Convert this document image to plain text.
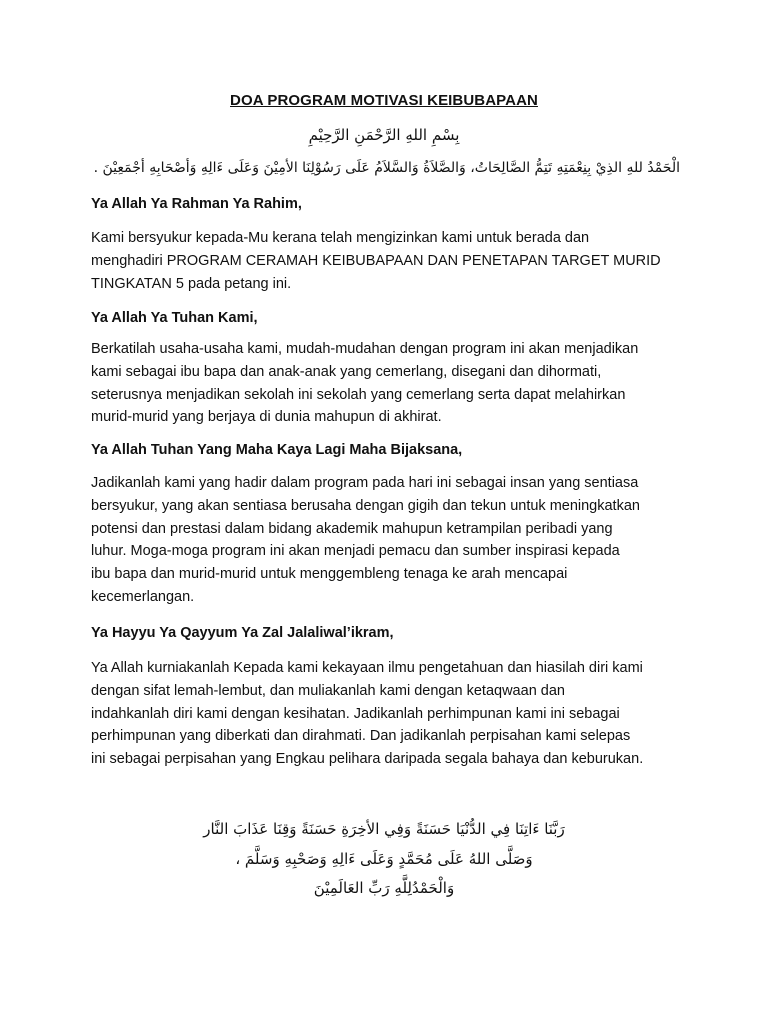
DOA PROGRAM MOTIVASI KEIBUBAPAAN
بِسْمِ اللهِ الرَّحْمَنِ الرَّحِيْمِ
الْحَمْدُ للهِ الذِيْ بِنِعْمَتِهِ تَتِمُّ الصَّالِحَاتُ، وَالصَّلاَةُ وَالسَّلاَمُ عَلَى رَسُوْلِنَا الأمِيْنَ وَعَلَى ءَالِهِ وَأصْحَابِهِ أجْمَعِيْنَ .
Ya Allah Ya Rahman Ya Rahim,
Kami bersyukur kepada-Mu kerana telah mengizinkan kami untuk berada dan
menghadiri PROGRAM CERAMAH KEIBUBAPAAN DAN PENETAPAN TARGET MURID
TINGKATAN 5 pada petang ini.
Ya Allah Ya Tuhan Kami,
Berkatilah usaha-usaha kami, mudah-mudahan dengan program ini akan menjadikan
kami sebagai ibu bapa dan anak-anak yang cemerlang, disegani dan dihormati,
seterusnya menjadikan sekolah ini sekolah yang cemerlang serta dapat melahirkan
murid-murid yang berjaya di dunia mahupun di akhirat.
Ya Allah Tuhan Yang Maha Kaya Lagi Maha Bijaksana,
Jadikanlah kami yang hadir dalam program pada hari ini sebagai insan yang sentiasa
bersyukur, yang akan sentiasa berusaha dengan gigih dan tekun untuk meningkatkan
potensi dan prestasi dalam bidang akademik mahupun ketrampilan peribadi yang
luhur. Moga-moga program ini akan menjadi pemacu dan sumber inspirasi kepada
ibu bapa dan murid-murid untuk menggembleng tenaga ke arah mencapai
kecemerlangan.
Ya Hayyu Ya Qayyum Ya Zal Jalaliwal’ikram,
Ya Allah kurniakanlah Kepada kami kekayaan ilmu pengetahuan dan hiasilah diri kami
dengan sifat lemah-lembut, dan muliakanlah kami dengan ketaqwaan dan
indahkanlah diri kami dengan kesihatan. Jadikanlah perhimpunan kami ini sebagai
perhimpunan yang diberkati dan dirahmati. Dan jadikanlah perpisahan kami selepas
ini sebagai perpisahan yang Engkau pelihara daripada segala bahaya dan keburukan.
رَبَّنَا ءَاتِنَا فِي الدُّنْيَا حَسَنَةً وَفِي الأخِرَةِ حَسَنَةً وَقِنَا عَذَابَ النَّار
وَصَلَّى اللهُ عَلَى مُحَمَّدٍ وَعَلَى ءَالِهِ وَصَحْبِهِ وَسَلَّمَ ،
وَالْحَمْدُلِلَّهِ رَبِّ العَالَمِيْنَ
